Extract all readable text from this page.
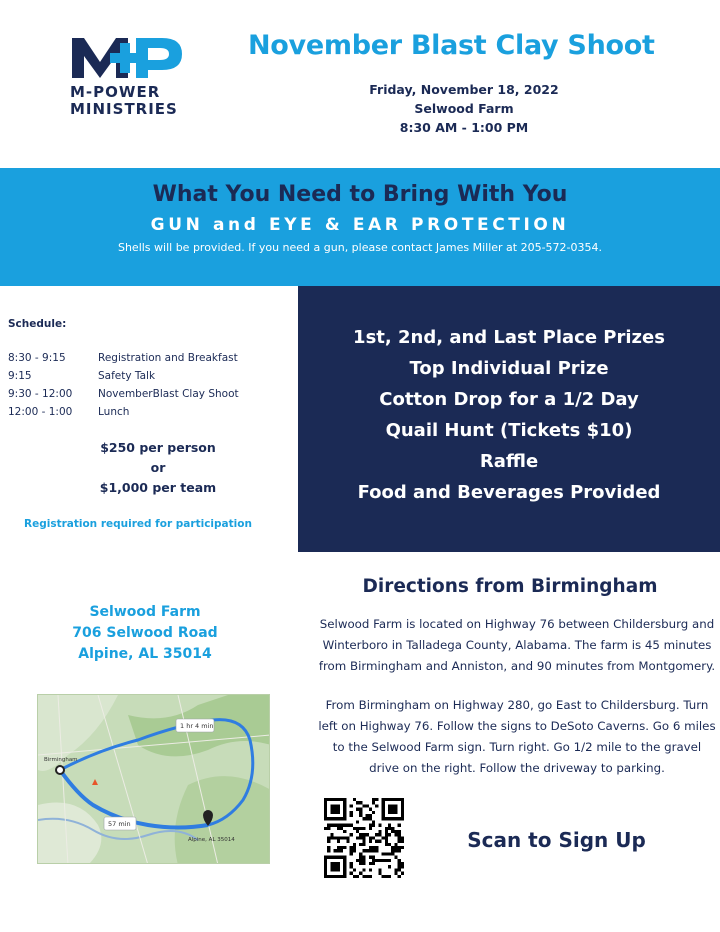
M-POWER
MINISTRIES
November Blast Clay Shoot
Friday, November 18, 2022
Selwood Farm
8:30 AM - 1:00 PM
What You Need to Bring With You
GUN and EYE & EAR PROTECTION
Shells will be provided. If you need a gun, please contact James Miller at 205-572-0354.
Schedule:
8:30 - 9:15	Registration and Breakfast
9:15	Safety Talk
9:30 - 12:00	NovemberBlast Clay Shoot
12:00 - 1:00	Lunch
$250 per person
or
$1,000 per team
Registration required for participation
1st, 2nd, and Last Place Prizes
Top Individual Prize
Cotton Drop for a 1/2 Day
Quail Hunt (Tickets $10)
Raffle
Food and Beverages Provided
Selwood Farm
706 Selwood Road
Alpine, AL 35014
1 hr 4 min
57 min
Birmingham
Alpine, AL 35014
Directions from Birmingham

Selwood Farm is located on Highway 76 between Childersburg and Winterboro in Talladega County, Alabama. The farm is 45 minutes from Birmingham and Anniston, and 90 minutes from Montgomery.

From Birmingham on Highway 280, go East to Childersburg. Turn left on Highway 76. Follow the signs to DeSoto Caverns. Go 6 miles to the Selwood Farm sign. Turn right. Go 1/2 mile to the gravel drive on the right. Follow the driveway to parking.

Scan to Sign Up
